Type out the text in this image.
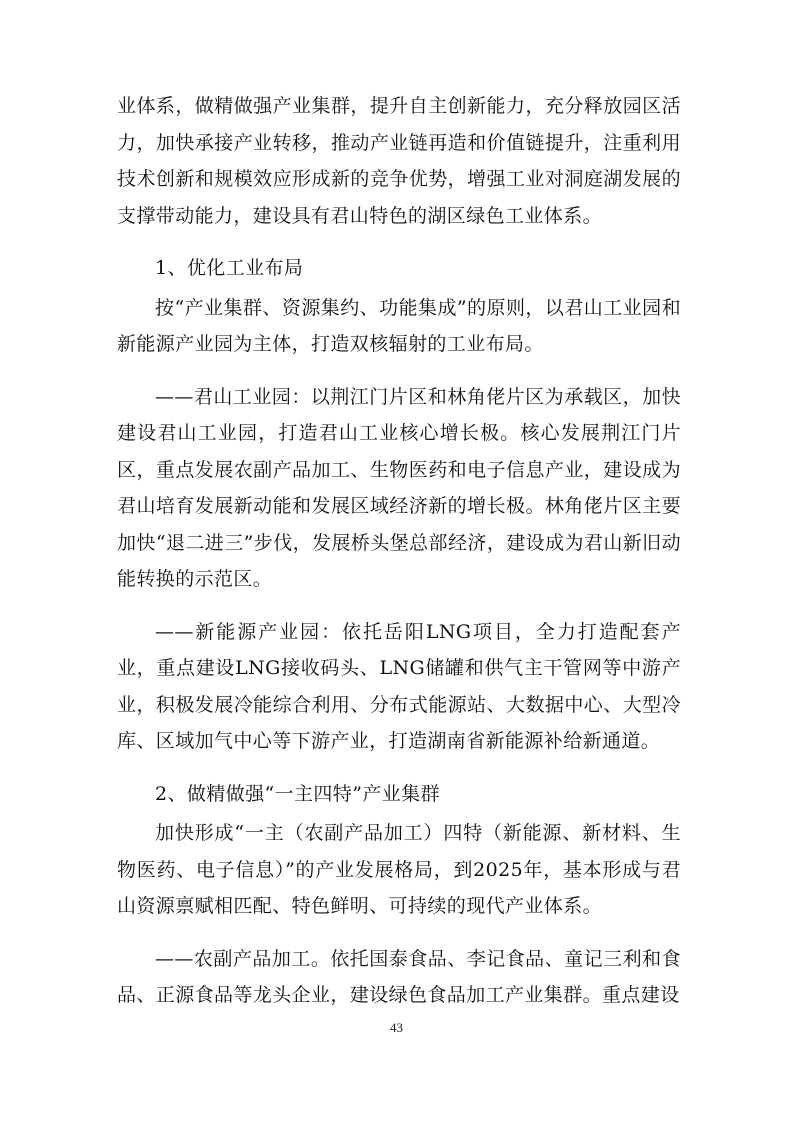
业体系，做精做强产业集群，提升自主创新能力，充分释放园区活力，加快承接产业转移，推动产业链再造和价值链提升，注重利用技术创新和规模效应形成新的竞争优势，增强工业对洞庭湖发展的支撑带动能力，建设具有君山特色的湖区绿色工业体系。

1、优化工业布局

按“产业集群、资源集约、功能集成”的原则，以君山工业园和新能源产业园为主体，打造双核辐射的工业布局。

——君山工业园：以荆江门片区和林角佬片区为承载区，加快建设君山工业园，打造君山工业核心增长极。核心发展荆江门片区，重点发展农副产品加工、生物医药和电子信息产业，建设成为君山培育发展新动能和发展区域经济新的增长极。林角佬片区主要加快“退二进三”步伐，发展桥头堡总部经济，建设成为君山新旧动能转换的示范区。

——新能源产业园：依托岳阳LNG项目，全力打造配套产业，重点建设LNG接收码头、LNG储罐和供气主干管网等中游产业，积极发展冷能综合利用、分布式能源站、大数据中心、大型冷库、区域加气中心等下游产业，打造湖南省新能源补给新通道。

2、做精做强“一主四特”产业集群

加快形成“一主（农副产品加工）四特（新能源、新材料、生物医药、电子信息）”的产业发展格局，到2025年，基本形成与君山资源禀赋相匹配、特色鲜明、可持续的现代产业体系。

——农副产品加工。依托国泰食品、李记食品、童记三利和食品、正源食品等龙头企业，建设绿色食品加工产业集群。重点建设

43
